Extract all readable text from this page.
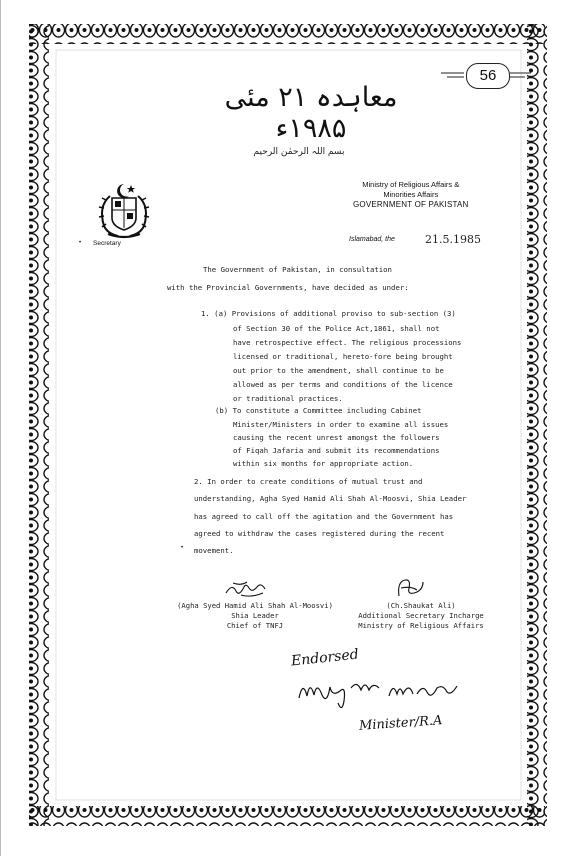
56
معاہدہ ۲۱ مئی ۱۹۸۵ء
بسم اللہ الرحمٰن الرحیم
Secretary
•
Ministry of Religious Affairs &
Minorities Affairs
GOVERNMENT OF PAKISTAN
Islamabad, the	21.5.1985
The Government of Pakistan, in consultation
with the Provincial Governments, have decided as under:
1. (a) Provisions of additional proviso to sub-section (3)
of Section 30 of the Police Act,1861, shall not
have retrospective effect. The religious processions
licensed or traditional, hereto-fore being brought
out prior to the amendment, shall continue to be
allowed as per terms and conditions of the licence
or traditional practices.
(b) To constitute a Committee including Cabinet
Minister/Ministers in order to examine all issues
causing the recent unrest amongst the followers
of Fiqah Jafaria and submit its recommendations
within six months for appropriate action.
2. In order to create conditions of mutual trust and
understanding, Agha Syed Hamid Ali Shah Al-Moosvi, Shia Leader
has agreed to call off the agitation and the Government has
agreed to withdraw the cases registered during the recent
movement.
•
(Agha Syed Hamid Ali Shah Al-Moosvi)
Shia Leader
Chief of TNFJ
(Ch.Shaukat Ali)
Additional Secretary Incharge
Ministry of Religious Affairs
Endorsed
Minister/R.A
